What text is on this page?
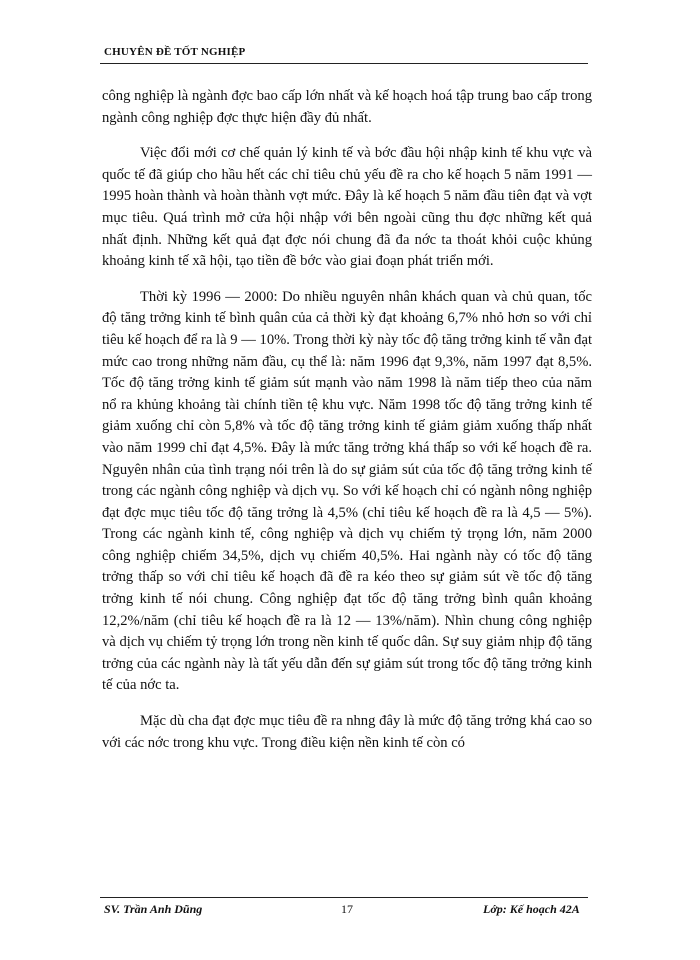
CHUYÊN ĐỀ TỐT NGHIỆP

công nghiệp là ngành đợc bao cấp lớn nhất và kế hoạch hoá tập trung bao cấp trong ngành công nghiệp đợc thực hiện đầy đủ nhất.

Việc đổi mới cơ chế quản lý kinh tế và bớc đầu hội nhập kinh tế khu vực và quốc tế đã giúp cho hầu hết các chỉ tiêu chủ yếu đề ra cho kế hoạch 5 năm 1991 — 1995 hoàn thành và hoàn thành vợt mức. Đây là kế hoạch 5 năm đầu tiên đạt và vợt mục tiêu. Quá trình mở cửa hội nhập với bên ngoài cũng thu đợc những kết quả nhất định. Những kết quả đạt đợc nói chung đã đa nớc ta thoát khỏi cuộc khủng khoảng kinh tế xã hội, tạo tiền đề bớc vào giai đoạn phát triển mới.

Thời kỳ 1996 — 2000: Do nhiều nguyên nhân khách quan và chủ quan, tốc độ tăng trởng kinh tế bình quân của cả thời kỳ đạt khoảng 6,7% nhỏ hơn so với chỉ tiêu kế hoạch để ra là 9 — 10%. Trong thời kỳ này tốc độ tăng trởng kinh tế vẫn đạt mức cao trong những năm đầu, cụ thể là: năm 1996 đạt 9,3%, năm 1997 đạt 8,5%. Tốc độ tăng trởng kinh tế giảm sút mạnh vào năm 1998 là năm tiếp theo của năm nổ ra khủng khoảng tài chính tiền tệ khu vực. Năm 1998 tốc độ tăng trởng kinh tế giảm xuống chỉ còn 5,8% và tốc độ tăng trởng kinh tế giảm giảm xuống thấp nhất vào năm 1999 chỉ đạt 4,5%. Đây là mức tăng trởng khá thấp so với kế hoạch đề ra. Nguyên nhân của tình trạng nói trên là do sự giảm sút của tốc độ tăng trởng kinh tế trong các ngành công nghiệp và dịch vụ. So với kế hoạch chỉ có ngành nông nghiệp đạt đợc mục tiêu tốc độ tăng trởng là 4,5% (chỉ tiêu kế hoạch đề ra là 4,5 — 5%). Trong các ngành kinh tế, công nghiệp và dịch vụ chiếm tỷ trọng lớn, năm 2000 công nghiệp chiếm 34,5%, dịch vụ chiếm 40,5%. Hai ngành này có tốc độ tăng trởng thấp so với chỉ tiêu kế hoạch đã đề ra kéo theo sự giảm sút về tốc độ tăng trởng kinh tế nói chung. Công nghiệp đạt tốc độ tăng trởng bình quân khoảng 12,2%/năm (chỉ tiêu kế hoạch đề ra là 12 — 13%/năm). Nhìn chung công nghiệp và dịch vụ chiếm tỷ trọng lớn trong nền kinh tế quốc dân. Sự suy giảm nhịp độ tăng trởng của các ngành này là tất yếu dẫn đến sự giảm sút trong tốc độ tăng trởng kinh tế của nớc ta.

Mặc dù cha đạt đợc mục tiêu đề ra nhng đây là mức độ tăng trởng khá cao so với các nớc trong khu vực. Trong điều kiện nền kinh tế còn có

SV. Trần Anh Dũng	17	Lớp: Kế hoạch 42A
